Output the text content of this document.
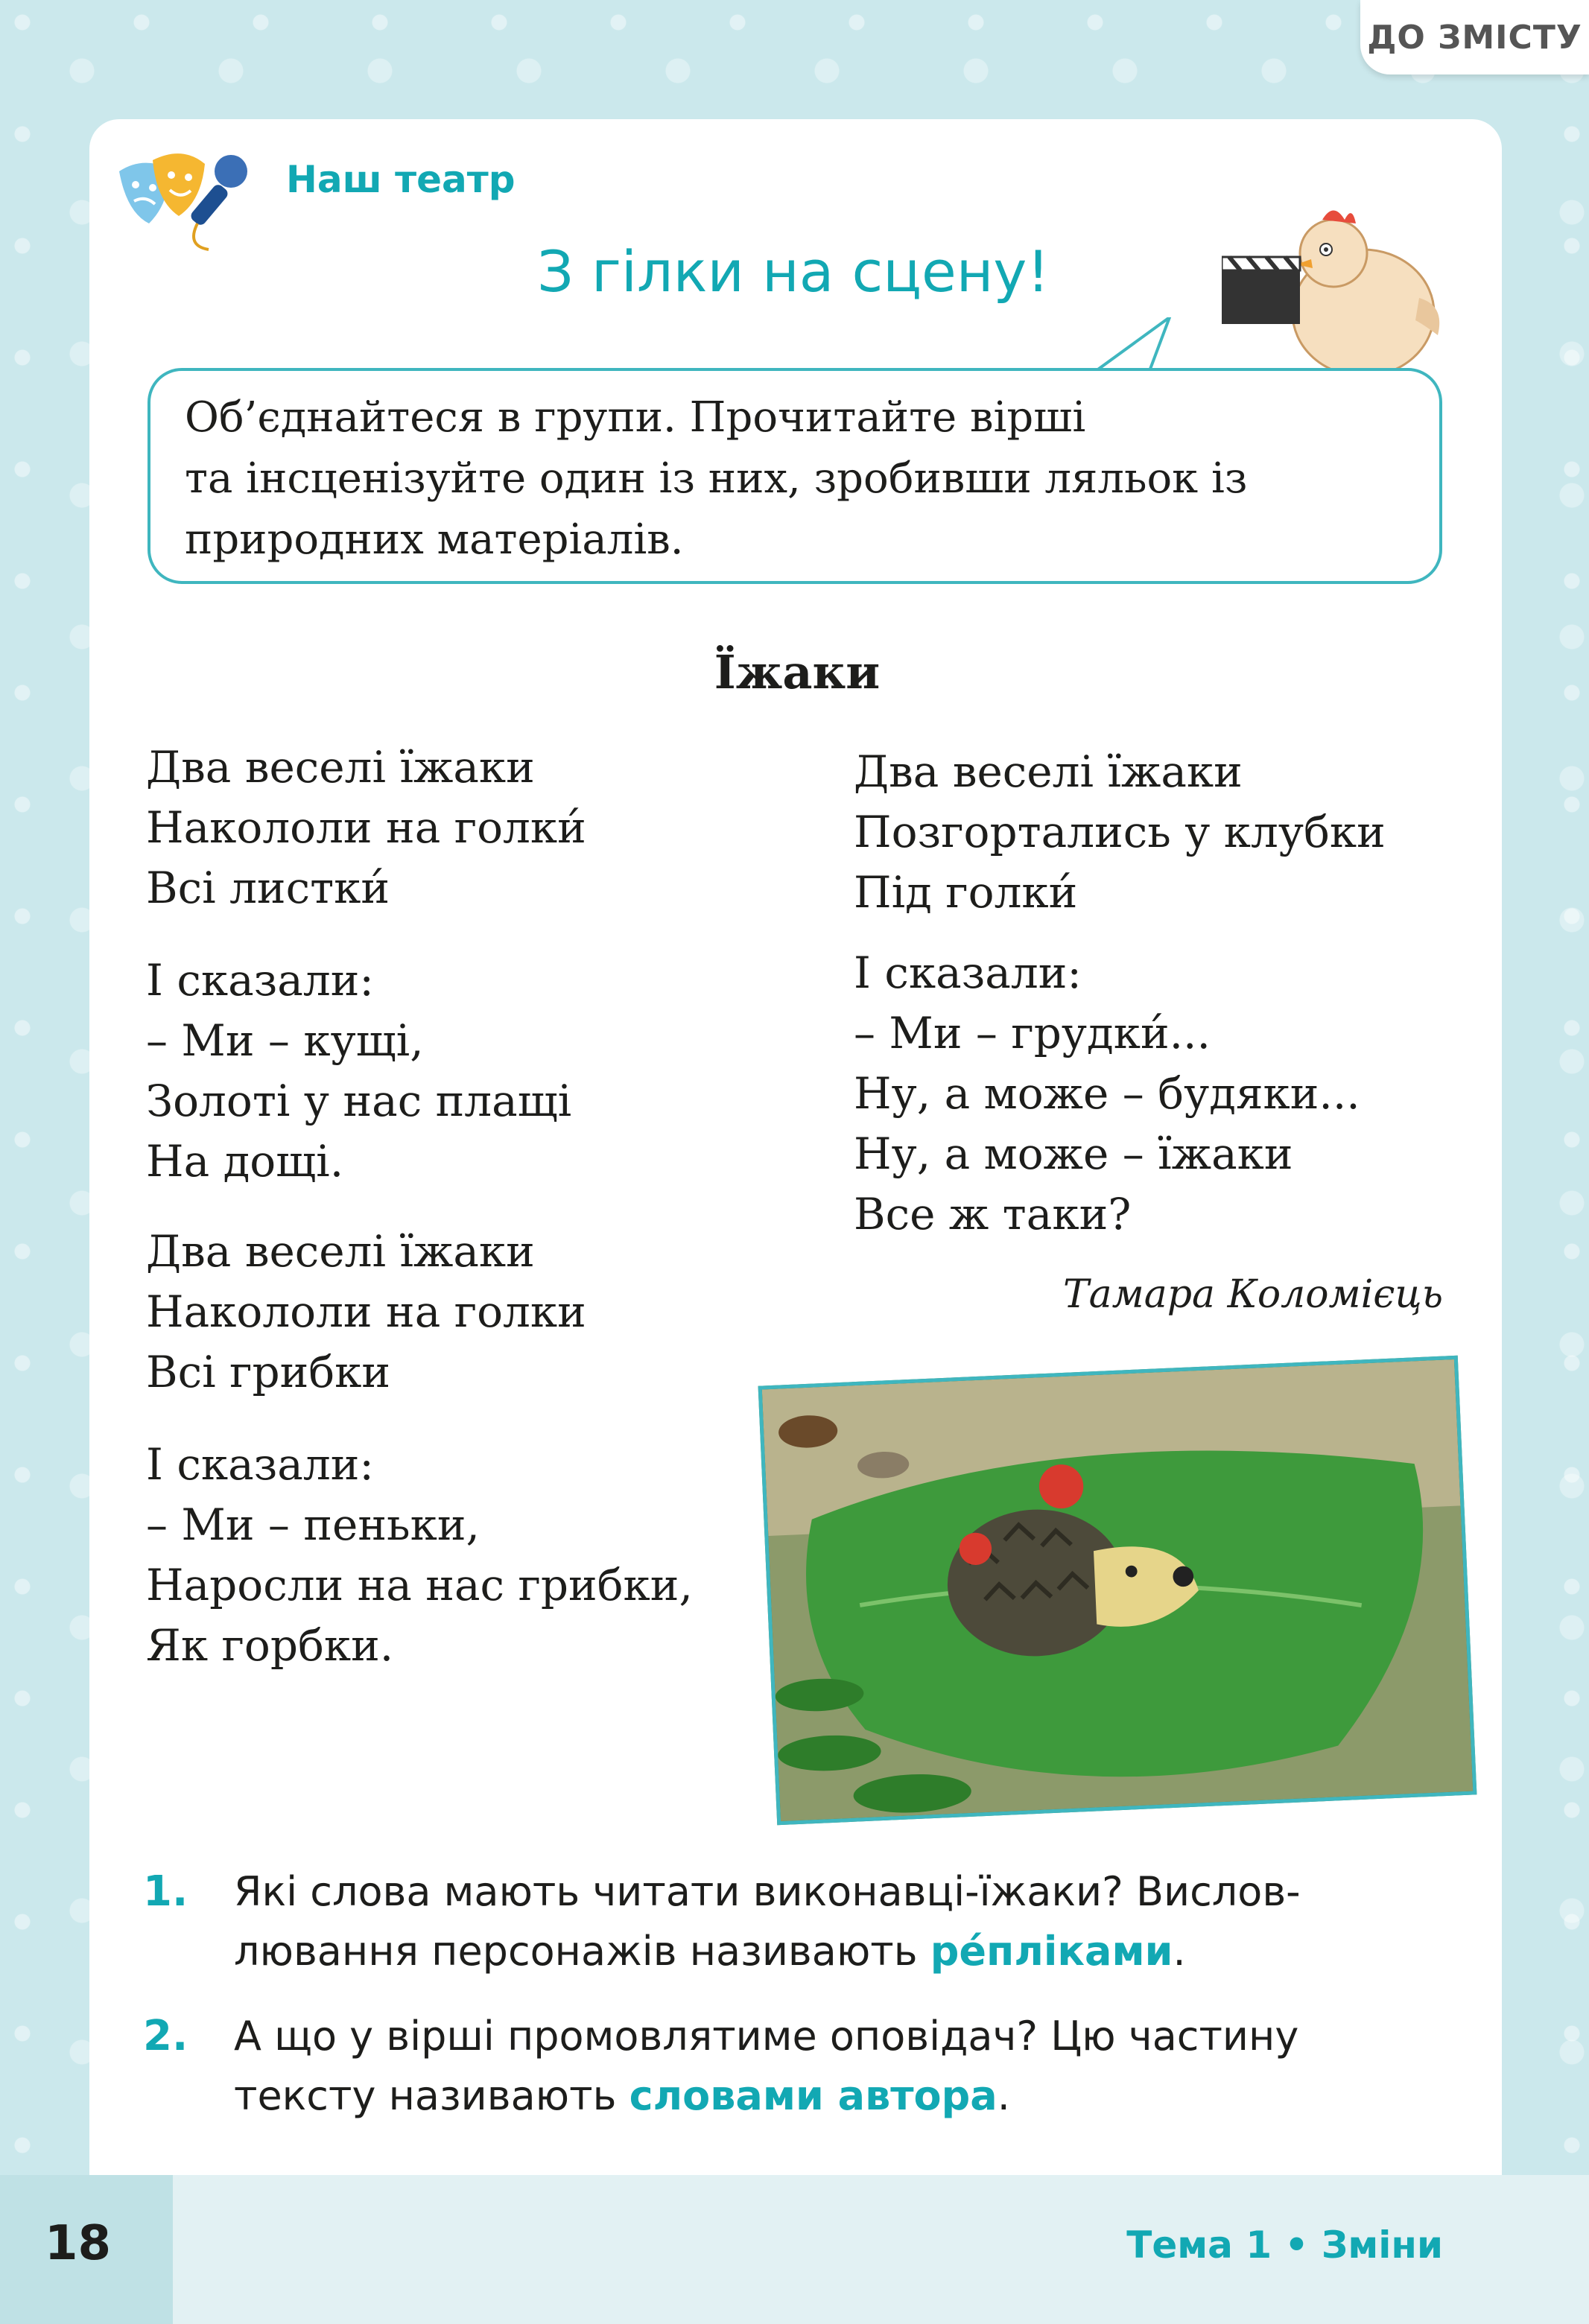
ДО ЗМІСТУ
Наш театр
З гілки на сцену!
Об’єднайтеся в групи. Прочитайте вірші
та інсценізуйте один із них, зробивши ляльок із
природних матеріалів.
Їжаки
Два веселі їжаки
Накололи на голки́
Всі листки́
І сказали:
– Ми – кущі,
Золоті у нас плащі
На дощі.
Два веселі їжаки
Накололи на голки
Всі грибки
І сказали:
– Ми – пеньки,
Наросли на нас грибки,
Як горбки.
Два веселі їжаки
Позгортались у клубки
Під голки́
І сказали:
– Ми – грудки́...
Ну, а може – будяки...
Ну, а може – їжаки
Все ж таки?
Тамара Коломієць
1.	Які слова мають читати виконавці-їжаки? Вислов-
лювання персонажів називають ре́пліками.
2.	А що у вірші промовлятиме оповідач? Цю частину
тексту називають словами автора.
18	Тема 1 • Зміни
